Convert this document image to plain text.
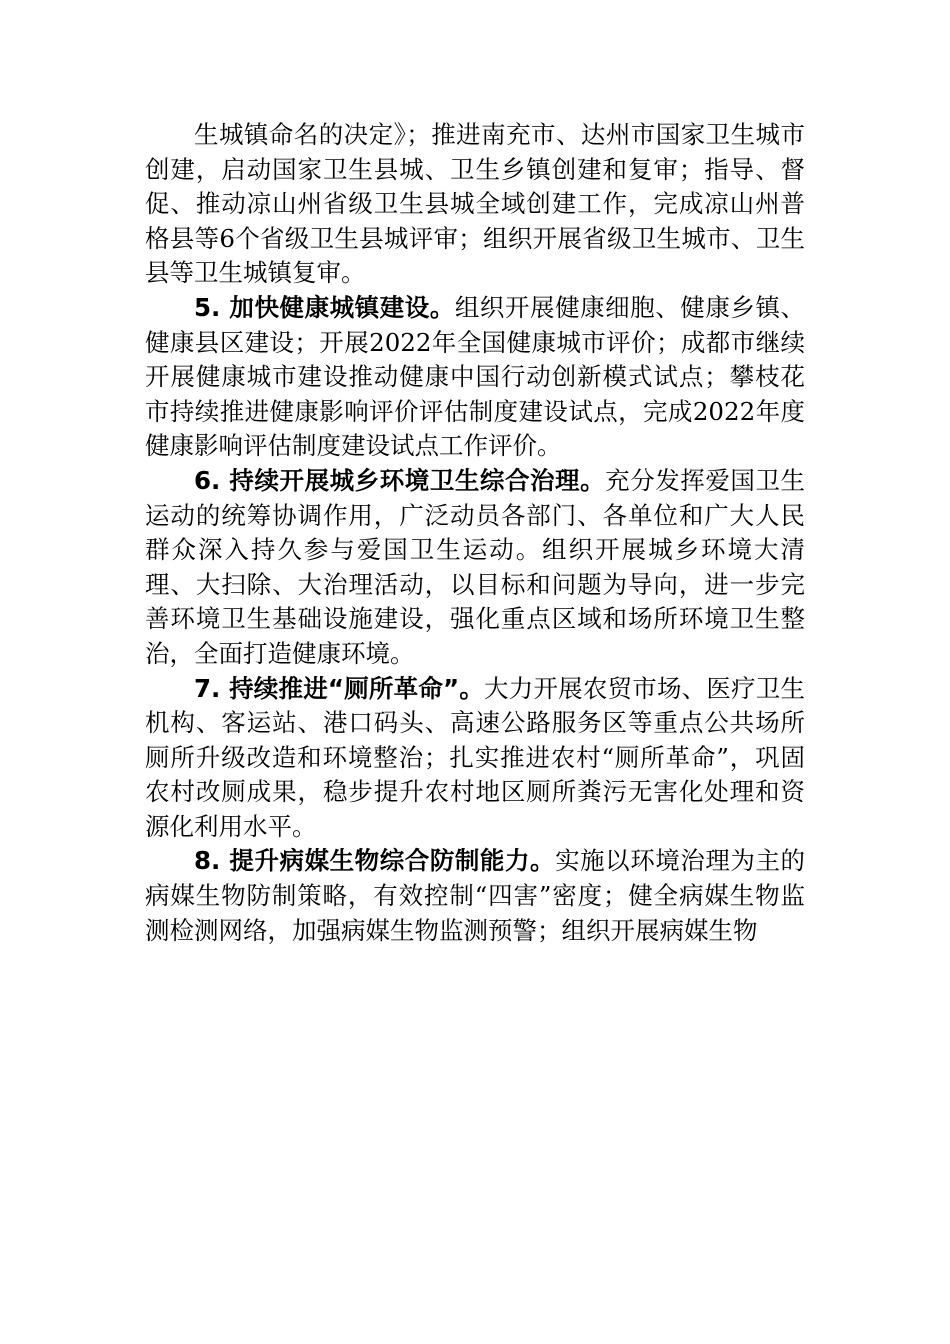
生城镇命名的决定》；推进南充市、达州市国家卫生城市创建，启动国家卫生县城、卫生乡镇创建和复审；指导、督促、推动凉山州省级卫生县城全域创建工作，完成凉山州普格县等6个省级卫生县城评审；组织开展省级卫生城市、卫生县等卫生城镇复审。

5. 加快健康城镇建设。组织开展健康细胞、健康乡镇、健康县区建设；开展2022年全国健康城市评价；成都市继续开展健康城市建设推动健康中国行动创新模式试点；攀枝花市持续推进健康影响评价评估制度建设试点，完成2022年度健康影响评估制度建设试点工作评价。

6. 持续开展城乡环境卫生综合治理。充分发挥爱国卫生运动的统筹协调作用，广泛动员各部门、各单位和广大人民群众深入持久参与爱国卫生运动。组织开展城乡环境大清理、大扫除、大治理活动，以目标和问题为导向，进一步完善环境卫生基础设施建设，强化重点区域和场所环境卫生整治，全面打造健康环境。

7. 持续推进“厕所革命”。大力开展农贸市场、医疗卫生机构、客运站、港口码头、高速公路服务区等重点公共场所厕所升级改造和环境整治；扎实推进农村“厕所革命”，巩固农村改厕成果，稳步提升农村地区厕所粪污无害化处理和资源化利用水平。

8. 提升病媒生物综合防制能力。实施以环境治理为主的病媒生物防制策略，有效控制“四害”密度；健全病媒生物监测检测网络，加强病媒生物监测预警；组织开展病媒生物
